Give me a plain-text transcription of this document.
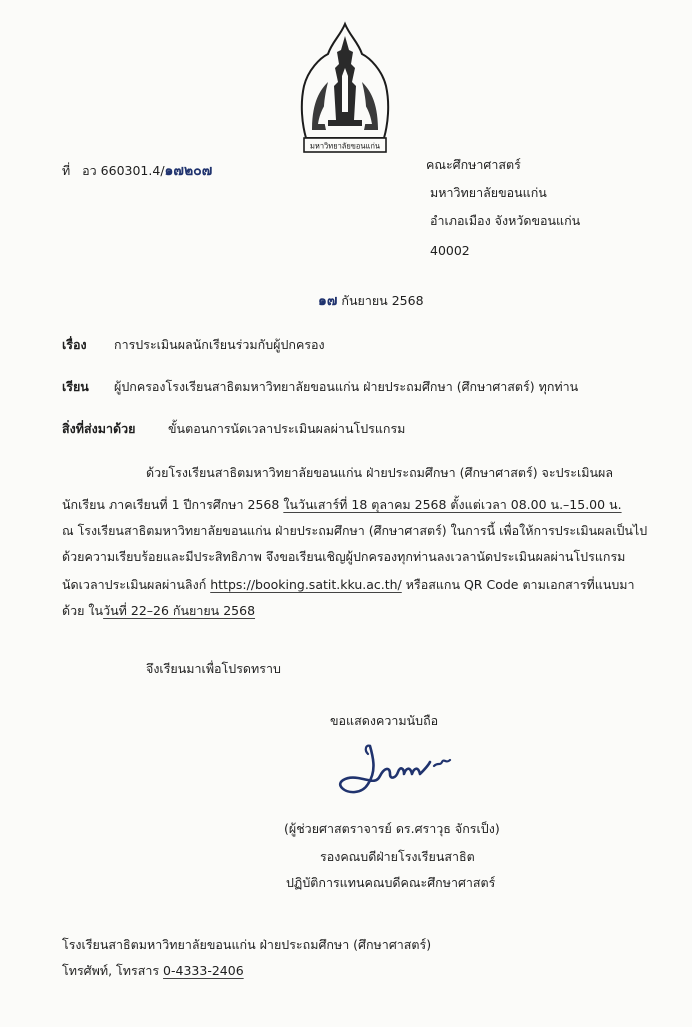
มหาวิทยาลัยขอนแก่น
ที่ อว 660301.4/๑๗๒๐๗	คณะศึกษาศาสตร์
มหาวิทยาลัยขอนแก่น
อำเภอเมือง จังหวัดขอนแก่น
40002
๑๗ กันยายน 2568
เรื่อง การประเมินผลนักเรียนร่วมกับผู้ปกครอง
เรียน ผู้ปกครองโรงเรียนสาธิตมหาวิทยาลัยขอนแก่น ฝ่ายประถมศึกษา (ศึกษาศาสตร์) ทุกท่าน
สิ่งที่ส่งมาด้วย	ขั้นตอนการนัดเวลาประเมินผลผ่านโปรแกรม
ด้วยโรงเรียนสาธิตมหาวิทยาลัยขอนแก่น ฝ่ายประถมศึกษา (ศึกษาศาสตร์) จะประเมินผล
นักเรียน ภาคเรียนที่ 1 ปีการศึกษา 2568 ในวันเสาร์ที่ 18 ตุลาคม 2568 ตั้งแต่เวลา 08.00 น.–15.00 น.
ณ โรงเรียนสาธิตมหาวิทยาลัยขอนแก่น ฝ่ายประถมศึกษา (ศึกษาศาสตร์) ในการนี้ เพื่อให้การประเมินผลเป็นไป
ด้วยความเรียบร้อยและมีประสิทธิภาพ จึงขอเรียนเชิญผู้ปกครองทุกท่านลงเวลานัดประเมินผลผ่านโปรแกรม
นัดเวลาประเมินผลผ่านลิงก์ https://booking.satit.kku.ac.th/ หรือสแกน QR Code ตามเอกสารที่แนบมา
ด้วย ในวันที่ 22–26 กันยายน 2568
จึงเรียนมาเพื่อโปรดทราบ
ขอแสดงความนับถือ
(ผู้ช่วยศาสตราจารย์ ดร.ศราวุธ จักรเป็ง)
รองคณบดีฝ่ายโรงเรียนสาธิต
ปฏิบัติการแทนคณบดีคณะศึกษาศาสตร์
โรงเรียนสาธิตมหาวิทยาลัยขอนแก่น ฝ่ายประถมศึกษา (ศึกษาศาสตร์)
โทรศัพท์, โทรสาร 0-4333-2406
